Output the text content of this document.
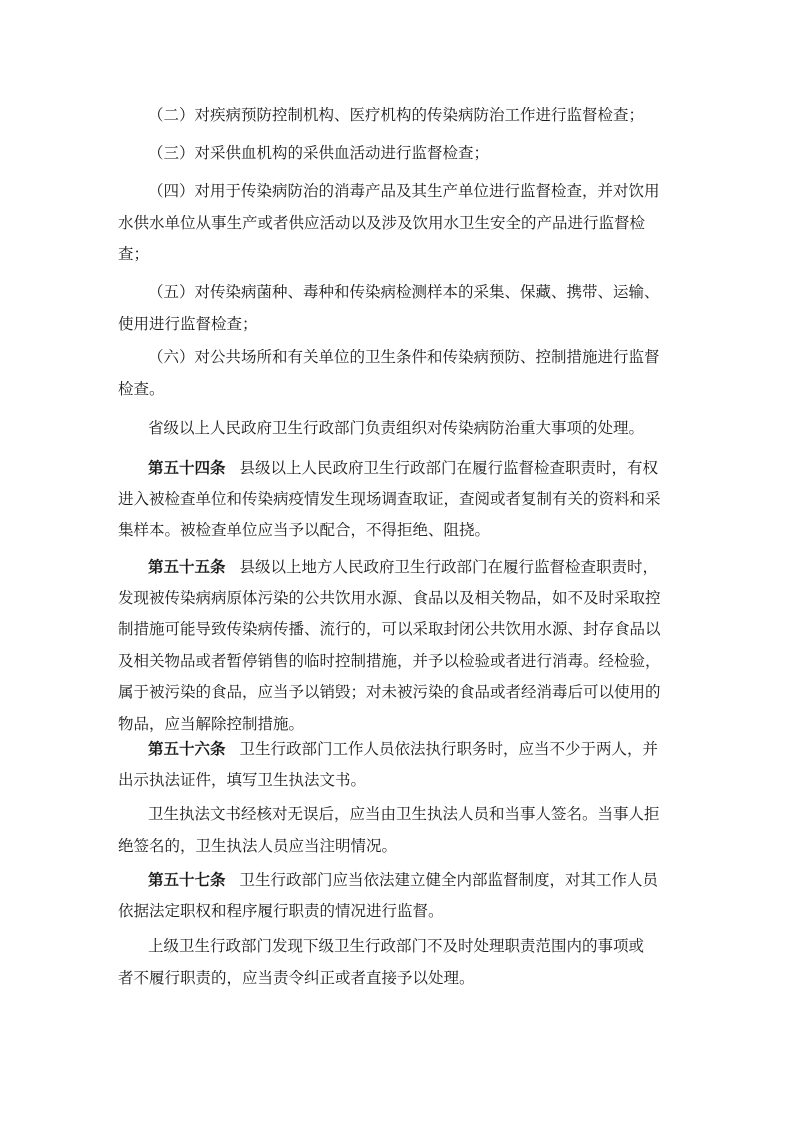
（二）对疾病预防控制机构、医疗机构的传染病防治工作进行监督检查；

（三）对采供血机构的采供血活动进行监督检查；

（四）对用于传染病防治的消毒产品及其生产单位进行监督检查，并对饮用
水供水单位从事生产或者供应活动以及涉及饮用水卫生安全的产品进行监督检
查；

（五）对传染病菌种、毒种和传染病检测样本的采集、保藏、携带、运输、
使用进行监督检查；

（六）对公共场所和有关单位的卫生条件和传染病预防、控制措施进行监督
检查。

省级以上人民政府卫生行政部门负责组织对传染病防治重大事项的处理。

第五十四条 县级以上人民政府卫生行政部门在履行监督检查职责时，有权
进入被检查单位和传染病疫情发生现场调查取证，查阅或者复制有关的资料和采
集样本。被检查单位应当予以配合，不得拒绝、阻挠。

第五十五条 县级以上地方人民政府卫生行政部门在履行监督检查职责时，
发现被传染病病原体污染的公共饮用水源、食品以及相关物品，如不及时采取控
制措施可能导致传染病传播、流行的，可以采取封闭公共饮用水源、封存食品以
及相关物品或者暂停销售的临时控制措施，并予以检验或者进行消毒。经检验，
属于被污染的食品，应当予以销毁；对未被污染的食品或者经消毒后可以使用的
物品，应当解除控制措施。

第五十六条 卫生行政部门工作人员依法执行职务时，应当不少于两人，并
出示执法证件，填写卫生执法文书。

卫生执法文书经核对无误后，应当由卫生执法人员和当事人签名。当事人拒
绝签名的，卫生执法人员应当注明情况。

第五十七条 卫生行政部门应当依法建立健全内部监督制度，对其工作人员
依据法定职权和程序履行职责的情况进行监督。

上级卫生行政部门发现下级卫生行政部门不及时处理职责范围内的事项或
者不履行职责的，应当责令纠正或者直接予以处理。
